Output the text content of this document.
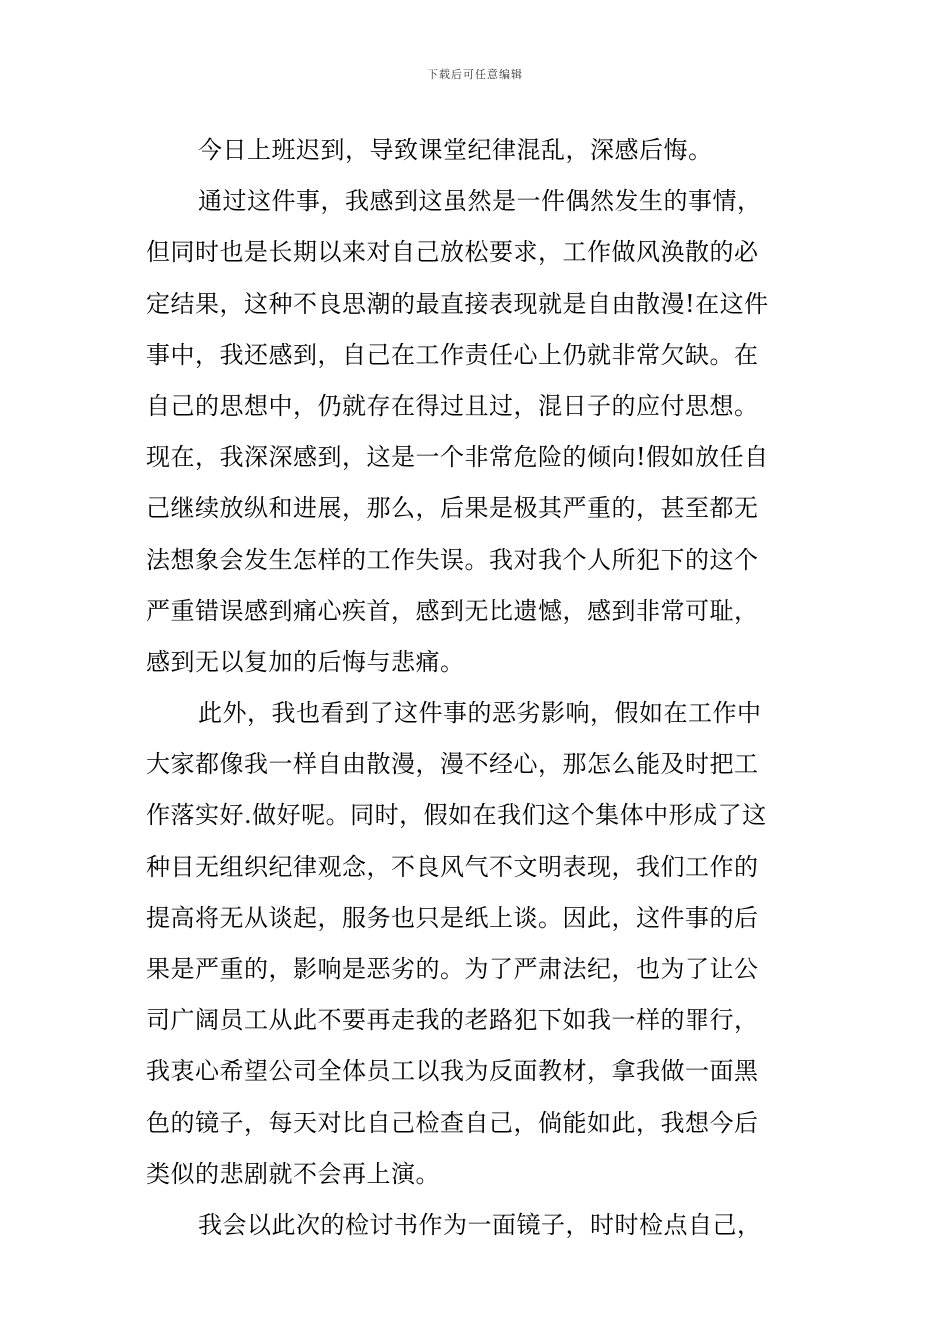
下载后可任意编辑
今日上班迟到，导致课堂纪律混乱，深感后悔。
通过这件事，我感到这虽然是一件偶然发生的事情，
但同时也是长期以来对自己放松要求，工作做风涣散的必
定结果，这种不良思潮的最直接表现就是自由散漫!在这件
事中，我还感到，自己在工作责任心上仍就非常欠缺。在
自己的思想中，仍就存在得过且过，混日子的应付思想。
现在，我深深感到，这是一个非常危险的倾向!假如放任自
己继续放纵和进展，那么，后果是极其严重的，甚至都无
法想象会发生怎样的工作失误。我对我个人所犯下的这个
严重错误感到痛心疾首，感到无比遗憾，感到非常可耻，
感到无以复加的后悔与悲痛。
此外，我也看到了这件事的恶劣影响，假如在工作中
大家都像我一样自由散漫，漫不经心，那怎么能及时把工
作落实好.做好呢。同时，假如在我们这个集体中形成了这
种目无组织纪律观念，不良风气不文明表现，我们工作的
提高将无从谈起，服务也只是纸上谈。因此，这件事的后
果是严重的，影响是恶劣的。为了严肃法纪，也为了让公
司广阔员工从此不要再走我的老路犯下如我一样的罪行，
我衷心希望公司全体员工以我为反面教材，拿我做一面黑
色的镜子，每天对比自己检查自己，倘能如此，我想今后
类似的悲剧就不会再上演。
我会以此次的检讨书作为一面镜子，时时检点自己，
